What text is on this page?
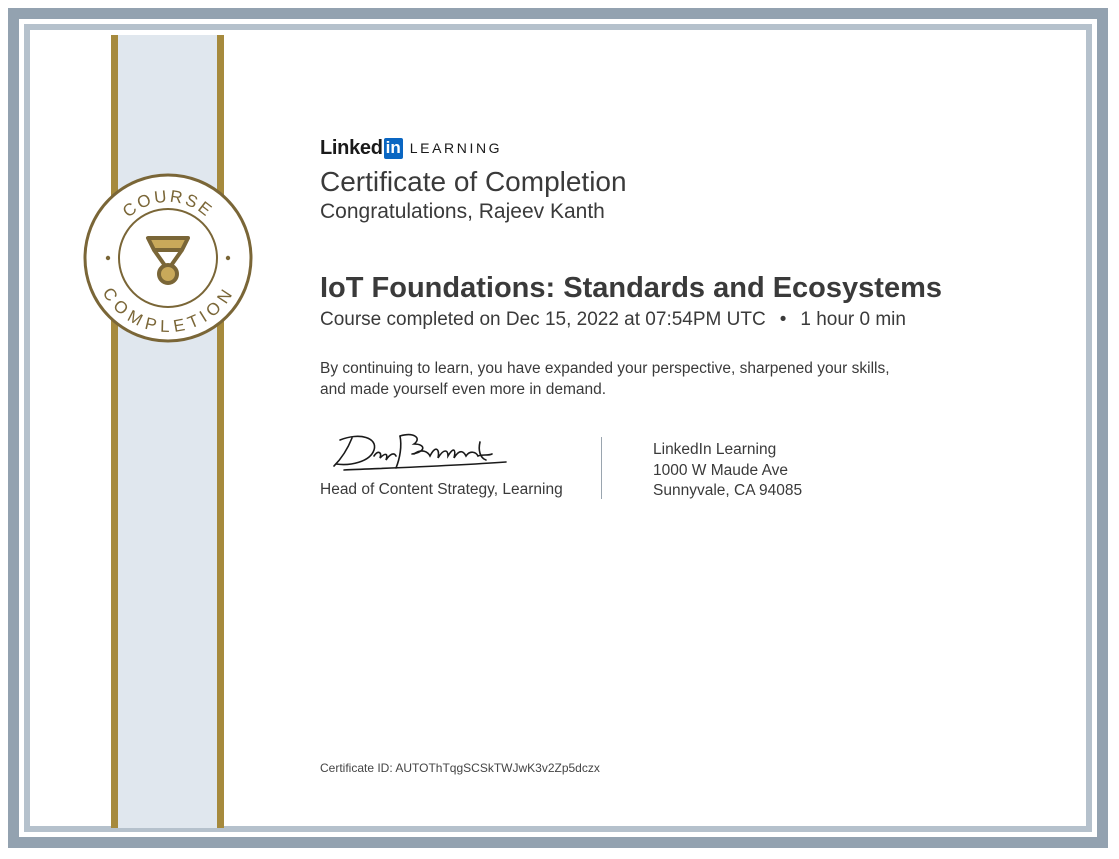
COURSE
COMPLETION
Linked in LEARNING
Certificate of Completion
Congratulations, Rajeev Kanth
IoT Foundations: Standards and Ecosystems
Course completed on Dec 15, 2022 at 07:54PM UTC • 1 hour 0 min
By continuing to learn, you have expanded your perspective, sharpened your skills, and made yourself even more in demand.
Head of Content Strategy, Learning
LinkedIn Learning
1000 W Maude Ave
Sunnyvale, CA 94085
Certificate ID: AUTOThTqgSCSkTWJwK3v2Zp5dczx
